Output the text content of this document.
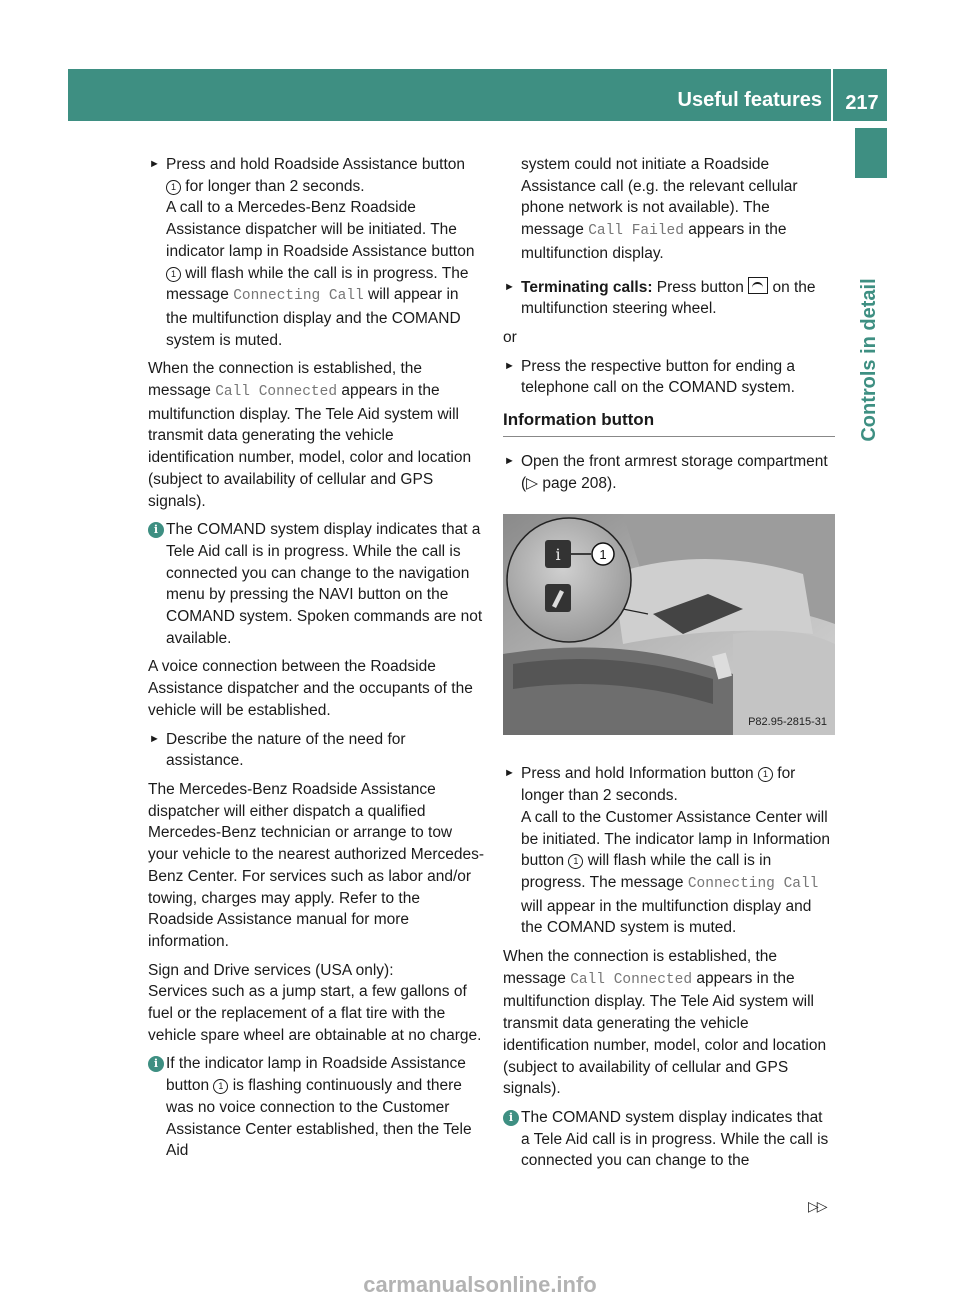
Useful features	217
Controls in detail
► Press and hold Roadside Assistance button 1 for longer than 2 seconds.
A call to a Mercedes-Benz Roadside Assistance dispatcher will be initiated. The indicator lamp in Roadside Assistance button 1 will flash while the call is in progress. The message Connecting Call will appear in the multifunction display and the COMAND system is muted.

When the connection is established, the message Call Connected appears in the multifunction display. The Tele Aid system will transmit data generating the vehicle identification number, model, color and location (subject to availability of cellular and GPS signals).

i The COMAND system display indicates that a Tele Aid call is in progress. While the call is connected you can change to the navigation menu by pressing the NAVI button on the COMAND system. Spoken commands are not available.

A voice connection between the Roadside Assistance dispatcher and the occupants of the vehicle will be established.

► Describe the nature of the need for assistance.

The Mercedes-Benz Roadside Assistance dispatcher will either dispatch a qualified Mercedes-Benz technician or arrange to tow your vehicle to the nearest authorized Mercedes-Benz Center. For services such as labor and/or towing, charges may apply. Refer to the Roadside Assistance manual for more information.

Sign and Drive services (USA only):
Services such as a jump start, a few gallons of fuel or the replacement of a flat tire with the vehicle spare wheel are obtainable at no charge.

i If the indicator lamp in Roadside Assistance button 1 is flashing continuously and there was no voice connection to the Customer Assistance Center established, then the Tele Aid

system could not initiate a Roadside Assistance call (e.g. the relevant cellular phone network is not available). The message Call Failed appears in the multifunction display.

► Terminating calls: Press button  on the multifunction steering wheel.

or

► Press the respective button for ending a telephone call on the COMAND system.
Information button
► Open the front armrest storage compartment (▷ page 208).
i	1
P82.95-2815-31
► Press and hold Information button 1 for longer than 2 seconds.
A call to the Customer Assistance Center will be initiated. The indicator lamp in Information button 1 will flash while the call is in progress. The message Connecting Call will appear in the multifunction display and the COMAND system is muted.

When the connection is established, the message Call Connected appears in the multifunction display. The Tele Aid system will transmit data generating the vehicle identification number, model, color and location (subject to availability of cellular and GPS signals).

i The COMAND system display indicates that a Tele Aid call is in progress. While the call is connected you can change to the
▷▷
carmanualsonline.info
